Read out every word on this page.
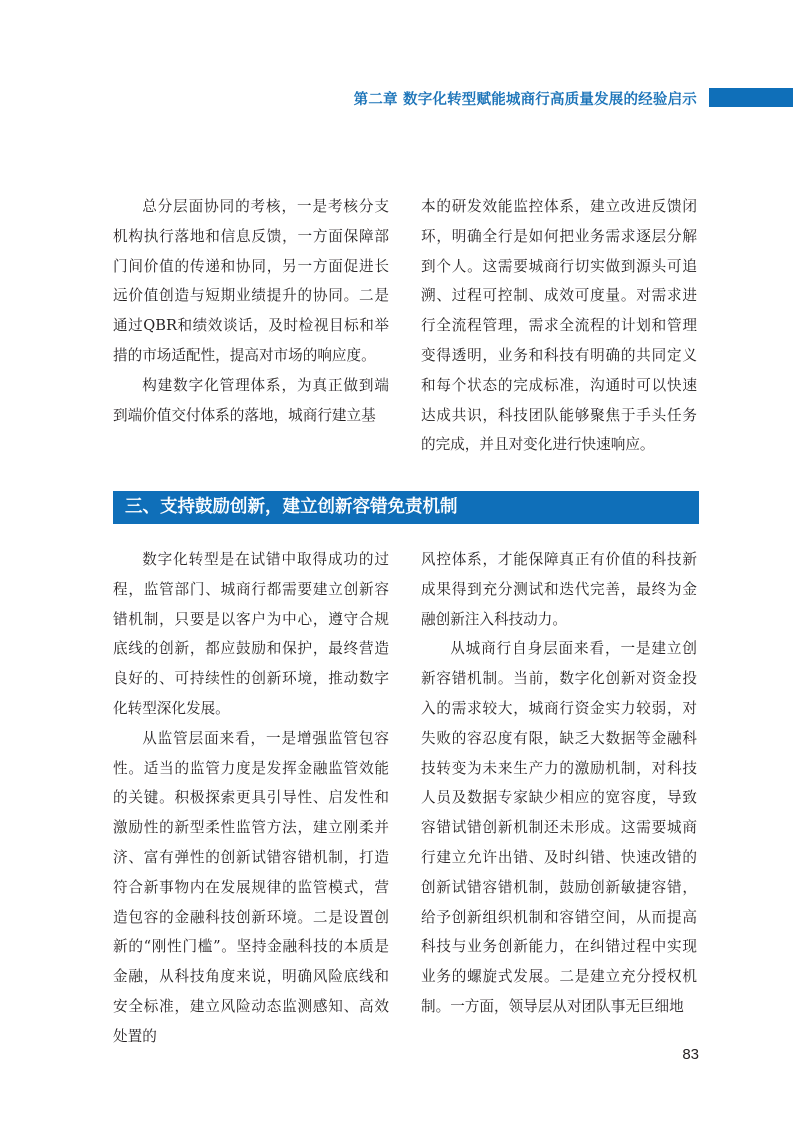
第二章 数字化转型赋能城商行高质量发展的经验启示

总分层面协同的考核，一是考核分支机构执行落地和信息反馈，一方面保障部门间价值的传递和协同，另一方面促进长远价值创造与短期业绩提升的协同。二是通过QBR和绩效谈话，及时检视目标和举措的市场适配性，提高对市场的响应度。

构建数字化管理体系，为真正做到端到端价值交付体系的落地，城商行建立基

本的研发效能监控体系，建立改进反馈闭环，明确全行是如何把业务需求逐层分解到个人。这需要城商行切实做到源头可追溯、过程可控制、成效可度量。对需求进行全流程管理，需求全流程的计划和管理变得透明，业务和科技有明确的共同定义和每个状态的完成标准，沟通时可以快速达成共识，科技团队能够聚焦于手头任务的完成，并且对变化进行快速响应。

三、支持鼓励创新，建立创新容错免责机制

数字化转型是在试错中取得成功的过程，监管部门、城商行都需要建立创新容错机制，只要是以客户为中心，遵守合规底线的创新，都应鼓励和保护，最终营造良好的、可持续性的创新环境，推动数字化转型深化发展。

从监管层面来看，一是增强监管包容性。适当的监管力度是发挥金融监管效能的关键。积极探索更具引导性、启发性和激励性的新型柔性监管方法，建立刚柔并济、富有弹性的创新试错容错机制，打造符合新事物内在发展规律的监管模式，营造包容的金融科技创新环境。二是设置创新的“刚性门槛”。坚持金融科技的本质是金融，从科技角度来说，明确风险底线和安全标准，建立风险动态监测感知、高效处置的

风控体系，才能保障真正有价值的科技新成果得到充分测试和迭代完善，最终为金融创新注入科技动力。

从城商行自身层面来看，一是建立创新容错机制。当前，数字化创新对资金投入的需求较大，城商行资金实力较弱，对失败的容忍度有限，缺乏大数据等金融科技转变为未来生产力的激励机制，对科技人员及数据专家缺少相应的宽容度，导致容错试错创新机制还未形成。这需要城商行建立允许出错、及时纠错、快速改错的创新试错容错机制，鼓励创新敏捷容错，给予创新组织机制和容错空间，从而提高科技与业务创新能力，在纠错过程中实现业务的螺旋式发展。二是建立充分授权机制。一方面，领导层从对团队事无巨细地

83
